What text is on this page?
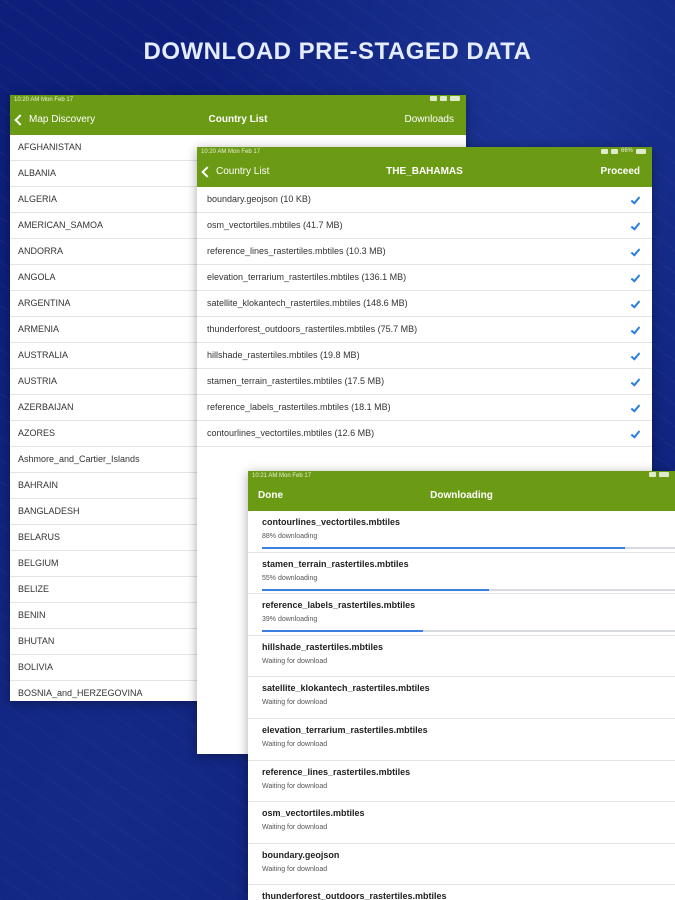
DOWNLOAD PRE-STAGED DATA
10:20 AM Mon Feb 17
Map Discovery	Country List	Downloads
AFGHANISTAN
ALBANIA
ALGERIA
AMERICAN_SAMOA
ANDORRA
ANGOLA
ARGENTINA
ARMENIA
AUSTRALIA
AUSTRIA
AZERBAIJAN
AZORES
Ashmore_and_Cartier_Islands
BAHRAIN
BANGLADESH
BELARUS
BELGIUM
BELIZE
BENIN
BHUTAN
BOLIVIA
BOSNIA_and_HERZEGOVINA
10:20 AM Mon Feb 17	66%
Country List	THE_BAHAMAS	Proceed
boundary.geojson (10 KB)
osm_vectortiles.mbtiles (41.7 MB)
reference_lines_rastertiles.mbtiles (10.3 MB)
elevation_terrarium_rastertiles.mbtiles (136.1 MB)
satellite_klokantech_rastertiles.mbtiles (148.6 MB)
thunderforest_outdoors_rastertiles.mbtiles (75.7 MB)
hillshade_rastertiles.mbtiles (19.8 MB)
stamen_terrain_rastertiles.mbtiles (17.5 MB)
reference_labels_rastertiles.mbtiles (18.1 MB)
contourlines_vectortiles.mbtiles (12.6 MB)
10:21 AM Mon Feb 17
Done	Downloading
contourlines_vectortiles.mbtiles
88% downloading
stamen_terrain_rastertiles.mbtiles
55% downloading
reference_labels_rastertiles.mbtiles
39% downloading
hillshade_rastertiles.mbtiles
Waiting for download
satellite_klokantech_rastertiles.mbtiles
Waiting for download
elevation_terrarium_rastertiles.mbtiles
Waiting for download
reference_lines_rastertiles.mbtiles
Waiting for download
osm_vectortiles.mbtiles
Waiting for download
boundary.geojson
Waiting for download
thunderforest_outdoors_rastertiles.mbtiles
